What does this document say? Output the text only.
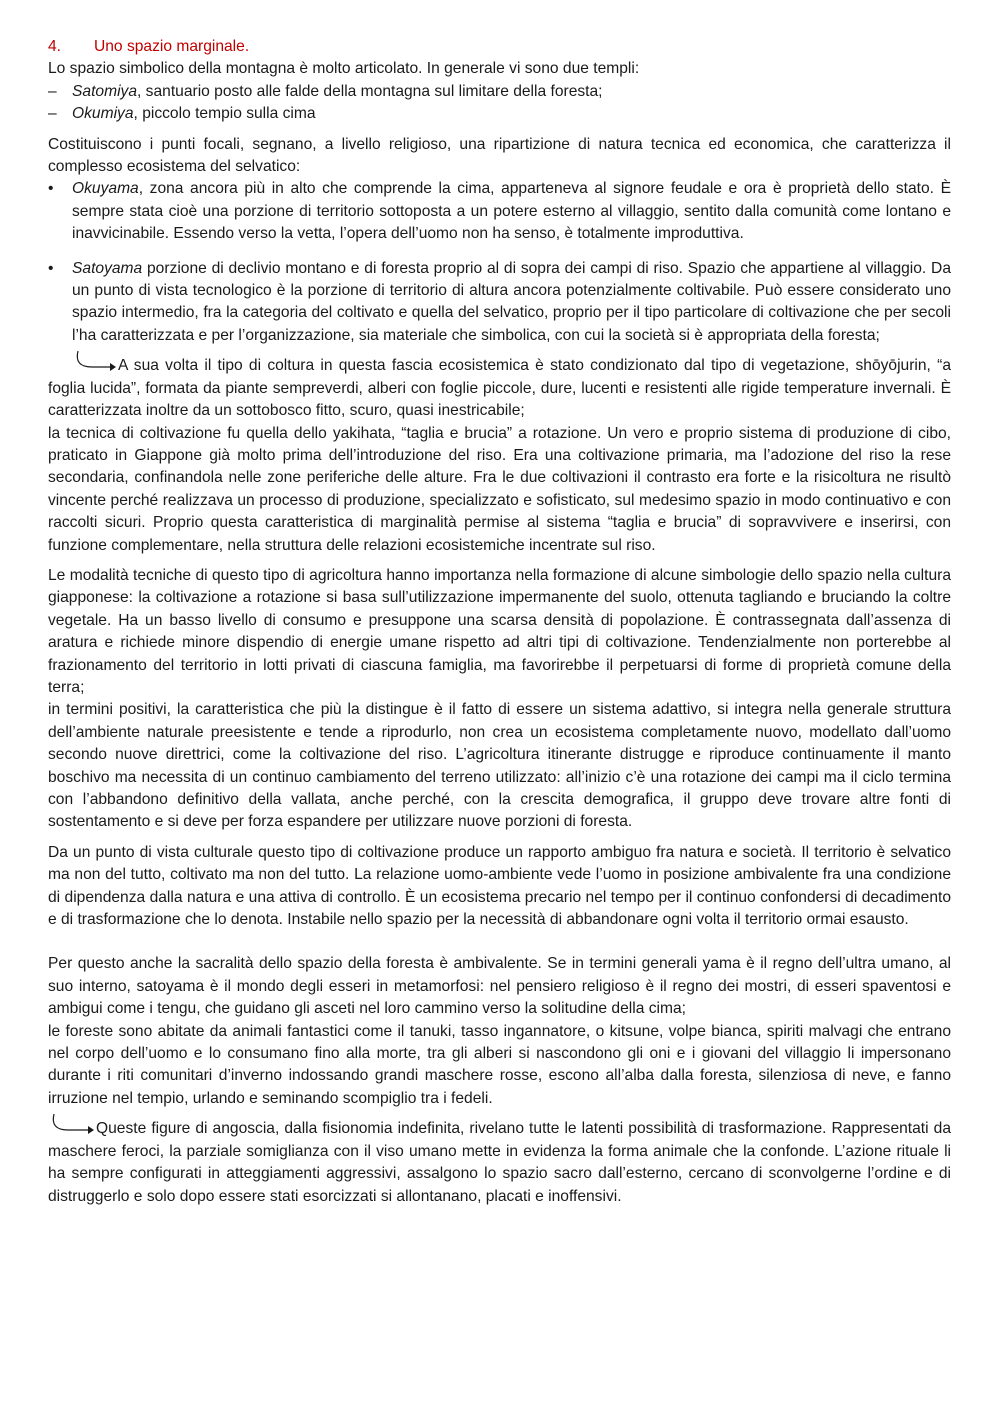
4. Uno spazio marginale.

Lo spazio simbolico della montagna è molto articolato. In generale vi sono due templi:

– Satomiya, santuario posto alle falde della montagna sul limitare della foresta;
– Okumiya, piccolo tempio sulla cima

Costituiscono i punti focali, segnano, a livello religioso, una ripartizione di natura tecnica ed economica, che caratterizza il complesso ecosistema del selvatico:

• Okuyama, zona ancora più in alto che comprende la cima, apparteneva al signore feudale e ora è proprietà dello stato. È sempre stata cioè una porzione di territorio sottoposta a un potere esterno al villaggio, sentito dalla comunità come lontano e inavvicinabile. Essendo verso la vetta, l’opera dell’uomo non ha senso, è totalmente improduttiva.
• Satoyama porzione di declivio montano e di foresta proprio al di sopra dei campi di riso. Spazio che appartiene al villaggio. Da un punto di vista tecnologico è la porzione di territorio di altura ancora potenzialmente coltivabile. Può essere considerato uno spazio intermedio, fra la categoria del coltivato e quella del selvatico, proprio per il tipo particolare di coltivazione che per secoli l’ha caratterizzata e per l’organizzazione, sia materiale che simbolica, con cui la società si è appropriata della foresta;

A sua volta il tipo di coltura in questa fascia ecosistemica è stato condizionato dal tipo di vegetazione, shōyōjurin, “a foglia lucida”, formata da piante sempreverdi, alberi con foglie piccole, dure, lucenti e resistenti alle rigide temperature invernali. È caratterizzata inoltre da un sottobosco fitto, scuro, quasi inestricabile;

la tecnica di coltivazione fu quella dello yakihata, “taglia e brucia” a rotazione. Un vero e proprio sistema di produzione di cibo, praticato in Giappone già molto prima dell’introduzione del riso. Era una coltivazione primaria, ma l’adozione del riso la rese secondaria, confinandola nelle zone periferiche delle alture. Fra le due coltivazioni il contrasto era forte e la risicoltura ne risultò vincente perché realizzava un processo di produzione, specializzato e sofisticato, sul medesimo spazio in modo continuativo e con raccolti sicuri. Proprio questa caratteristica di marginalità permise al sistema “taglia e brucia” di sopravvivere e inserirsi, con funzione complementare, nella struttura delle relazioni ecosistemiche incentrate sul riso.

Le modalità tecniche di questo tipo di agricoltura hanno importanza nella formazione di alcune simbologie dello spazio nella cultura giapponese: la coltivazione a rotazione si basa sull’utilizzazione impermanente del suolo, ottenuta tagliando e bruciando la coltre vegetale. Ha un basso livello di consumo e presuppone una scarsa densità di popolazione. È contrassegnata dall’assenza di aratura e richiede minore dispendio di energie umane rispetto ad altri tipi di coltivazione. Tendenzialmente non porterebbe al frazionamento del territorio in lotti privati di ciascuna famiglia, ma favorirebbe il perpetuarsi di forme di proprietà comune della terra;

in termini positivi, la caratteristica che più la distingue è il fatto di essere un sistema adattivo, si integra nella generale struttura dell’ambiente naturale preesistente e tende a riprodurlo, non crea un ecosistema completamente nuovo, modellato dall’uomo secondo nuove direttrici, come la coltivazione del riso. L’agricoltura itinerante distrugge e riproduce continuamente il manto boschivo ma necessita di un continuo cambiamento del terreno utilizzato: all’inizio c’è una rotazione dei campi ma il ciclo termina con l’abbandono definitivo della vallata, anche perché, con la crescita demografica, il gruppo deve trovare altre fonti di sostentamento e si deve per forza espandere per utilizzare nuove porzioni di foresta.

Da un punto di vista culturale questo tipo di coltivazione produce un rapporto ambiguo fra natura e società. Il territorio è selvatico ma non del tutto, coltivato ma non del tutto. La relazione uomo-ambiente vede l’uomo in posizione ambivalente fra una condizione di dipendenza dalla natura e una attiva di controllo. È un ecosistema precario nel tempo per il continuo confondersi di decadimento e di trasformazione che lo denota. Instabile nello spazio per la necessità di abbandonare ogni volta il territorio ormai esausto.

Per questo anche la sacralità dello spazio della foresta è ambivalente. Se in termini generali yama è il regno dell’ultra umano, al suo interno, satoyama è il mondo degli esseri in metamorfosi: nel pensiero religioso è il regno dei mostri, di esseri spaventosi e ambigui come i tengu, che guidano gli asceti nel loro cammino verso la solitudine della cima;

le foreste sono abitate da animali fantastici come il tanuki, tasso ingannatore, o kitsune, volpe bianca, spiriti malvagi che entrano nel corpo dell’uomo e lo consumano fino alla morte, tra gli alberi si nascondono gli oni e i giovani del villaggio li impersonano durante i riti comunitari d’inverno indossando grandi maschere rosse, escono all’alba dalla foresta, silenziosa di neve, e fanno irruzione nel tempio, urlando e seminando scompiglio tra i fedeli.

Queste figure di angoscia, dalla fisionomia indefinita, rivelano tutte le latenti possibilità di trasformazione. Rappresentati da maschere feroci, la parziale somiglianza con il viso umano mette in evidenza la forma animale che la confonde. L’azione rituale li ha sempre configurati in atteggiamenti aggressivi, assalgono lo spazio sacro dall’esterno, cercano di sconvolgerne l’ordine e di distruggerlo e solo dopo essere stati esorcizzati si allontanano, placati e inoffensivi.
